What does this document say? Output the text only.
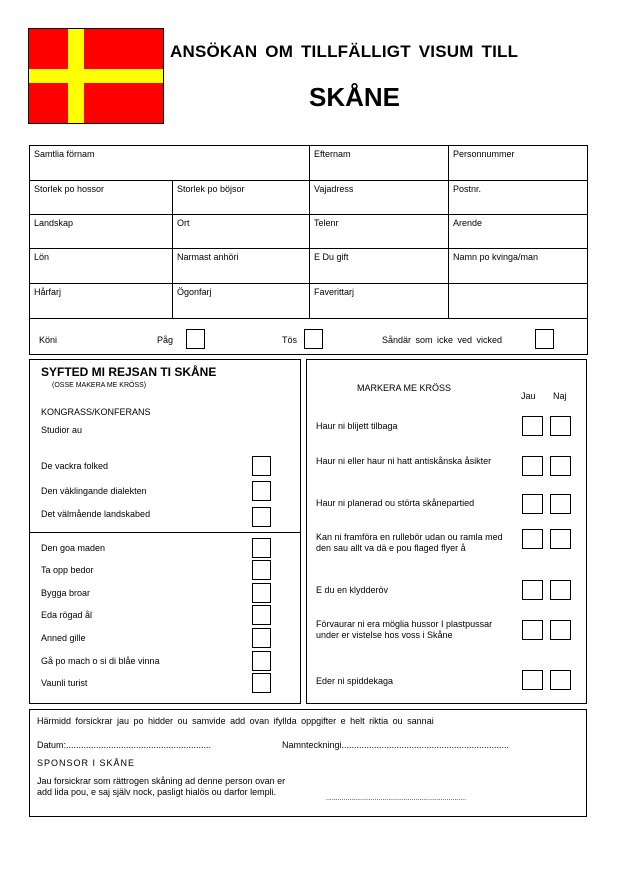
ANSÖKAN OM TILLFÄLLIGT VISUM TILL
SKÅNE
Samtlia förnam	Efternam	Personnummer
Storlek po hossor	Storlek po böjsor	Vajadress	Postnr.
Landskap	Ort	Telenr	Arende
Lön	Narmast anhöri	E Du gift	Namn po kvinga/man
Hårfarj	Ögonfarj	Faverittarj
Köni	Påg	Tös	Såndär som icke ved vicked
SYFTED MI REJSAN TI SKÅNE
(OSSE MAKERA ME KRÖSS)
KONGRASS/KONFERANS
Studior au
De vackra folked
Den väklingande dialekten
Det välmående landskabed
Den goa maden
Ta opp bedor
Bygga broar
Eda rögad ål
Anned gille
Gå po mach o si di blåe vinna
Vaunli turist
MARKERA ME KRÖSS
Jau Naj
Haur ni blijett tilbaga
Haur ni eller haur ni hatt antiskånska åsikter
Haur ni planerad ou störta skånepartied
Kan ni framföra en rullebör udan ou ramla med den sau allt va dä e pou flaged flyer å
E du en klydderöv
Förvaurar ni era möglia hussor I plastpussar under er vistelse hos voss i Skåne
Eder ni spiddekaga
Härmidd forsickrar jau po hidder ou samvide add ovan ifyllda oppgifter e helt riktia ou sannai
Datum:..........................................................	Namnteckningi...................................................................
SPONSOR I SKÅNE
Jau forsickrar som rättrogen skåning ad denne person ovan er add lida pou, e saj själv nock, pasligt hialös ou darfor lempli.
........................................................................
